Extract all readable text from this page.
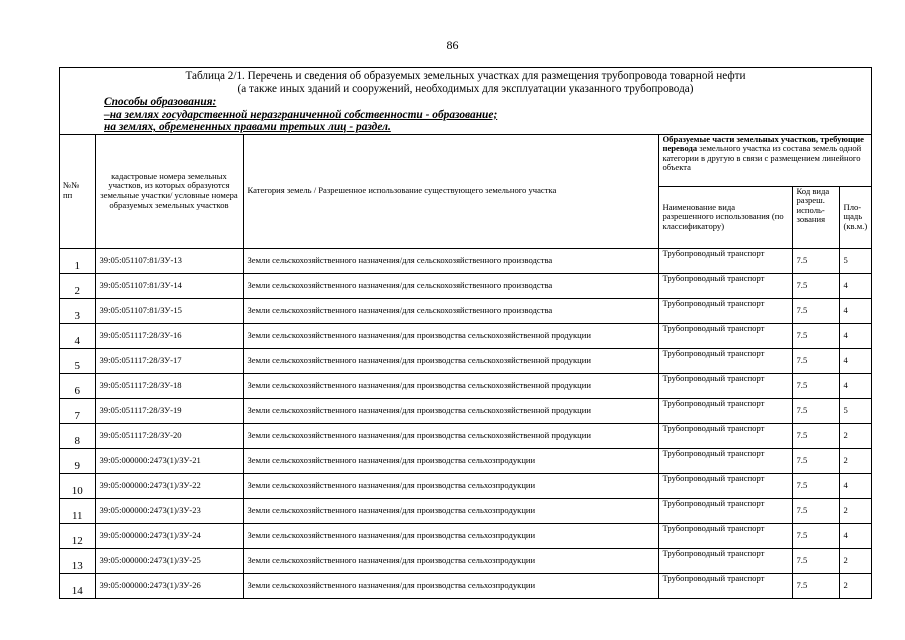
86
Таблица 2/1. Перечень и сведения об образуемых земельных участках для размещения трубопровода товарной нефти
(а также иных зданий и сооружений, необходимых для эксплуатации указанного трубопровода)
Способы образования:
–на землях государственной неразграниченной собственности - образование;
на землях, обремененных правами третьих лиц - раздел.
№№ пп	кадастровые номера земельных участков, из которых образуются земельные участки/ условные номера образуемых земельных участков	Категория земель / Разрешенное использование существующего земельного участка	Образуемые части земельных участков, требующие перевода земельного участка из состава земель одной категории в другую в связи с размещением линейного объекта		
			Наименование вида разрешенного использования (по классификатору)	Код вида разреш. исполь-зования	Пло-щадь (кв.м.)
1	39:05:051107:81/ЗУ-13	Земли сельскохозяйственного назначения/для сельскохозяйственного производства	Трубопроводный транспорт	7.5	5
2	39:05:051107:81/ЗУ-14	Земли сельскохозяйственного назначения/для сельскохозяйственного производства	Трубопроводный транспорт	7.5	4
3	39:05:051107:81/ЗУ-15	Земли сельскохозяйственного назначения/для сельскохозяйственного производства	Трубопроводный транспорт	7.5	4
4	39:05:051117:28/ЗУ-16	Земли сельскохозяйственного назначения/для производства сельскохозяйственной продукции	Трубопроводный транспорт	7.5	4
5	39:05:051117:28/ЗУ-17	Земли сельскохозяйственного назначения/для производства сельскохозяйственной продукции	Трубопроводный транспорт	7.5	4
6	39:05:051117:28/ЗУ-18	Земли сельскохозяйственного назначения/для производства сельскохозяйственной продукции	Трубопроводный транспорт	7.5	4
7	39:05:051117:28/ЗУ-19	Земли сельскохозяйственного назначения/для производства сельскохозяйственной продукции	Трубопроводный транспорт	7.5	5
8	39:05:051117:28/ЗУ-20	Земли сельскохозяйственного назначения/для производства сельскохозяйственной продукции	Трубопроводный транспорт	7.5	2
9	39:05:000000:2473(1)/ЗУ-21	Земли сельскохозяйственного назначения/для производства сельхозпродукции	Трубопроводный транспорт	7.5	2
10	39:05:000000:2473(1)/ЗУ-22	Земли сельскохозяйственного назначения/для производства сельхозпродукции	Трубопроводный транспорт	7.5	4
11	39:05:000000:2473(1)/ЗУ-23	Земли сельскохозяйственного назначения/для производства сельхозпродукции	Трубопроводный транспорт	7.5	2
12	39:05:000000:2473(1)/ЗУ-24	Земли сельскохозяйственного назначения/для производства сельхозпродукции	Трубопроводный транспорт	7.5	4
13	39:05:000000:2473(1)/ЗУ-25	Земли сельскохозяйственного назначения/для производства сельхозпродукции	Трубопроводный транспорт	7.5	2
14	39:05:000000:2473(1)/ЗУ-26	Земли сельскохозяйственного назначения/для производства сельхозпродукции	Трубопроводный транспорт	7.5	2
